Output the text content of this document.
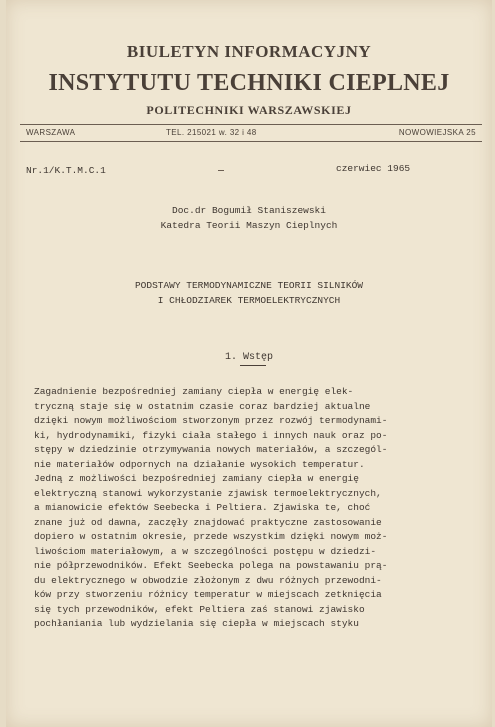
BIULETYN INFORMACYJNY
INSTYTUTU TECHNIKI CIEPLNEJ
POLITECHNIKI WARSZAWSKIEJ
WARSZAWA	TEL. 215021 w. 32 i 48	NOWOWIEJSKA 25
Nr.1/K.T.M.C.1	czerwiec 1965
Doc.dr Bogumił Staniszewski
Katedra Teorii Maszyn Cieplnych
PODSTAWY TERMODYNAMICZNE TEORII SILNIKÓW
I CHŁODZIAREK TERMOELEKTRYCZNYCH
1. Wstęp
Zagadnienie bezpośredniej zamiany ciepła w energię elek-
tryczną staje się w ostatnim czasie coraz bardziej aktualne
dzięki nowym możliwościom stworzonym przez rozwój termodynami-
ki, hydrodynamiki, fizyki ciała stałego i innych nauk oraz po-
stępy w dziedzinie otrzymywania nowych materiałów, a szczegól-
nie materiałów odpornych na działanie wysokich temperatur.
Jedną z możliwości bezpośredniej zamiany ciepła w energię
elektryczną stanowi wykorzystanie zjawisk termoelektrycznych,
a mianowicie efektów Seebecka i Peltiera. Zjawiska te, choć
znane już od dawna, zaczęły znajdować praktyczne zastosowanie
dopiero w ostatnim okresie, przede wszystkim dzięki nowym moż-
liwościom materiałowym, a w szczególności postępu w dziedzi-
nie półprzewodników. Efekt Seebecka polega na powstawaniu prą-
du elektrycznego w obwodzie złożonym z dwu różnych przewodni-
ków przy stworzeniu różnicy temperatur w miejscach zetknięcia
się tych przewodników, efekt Peltiera zaś stanowi zjawisko
pochłaniania lub wydzielania się ciepła w miejscach styku
